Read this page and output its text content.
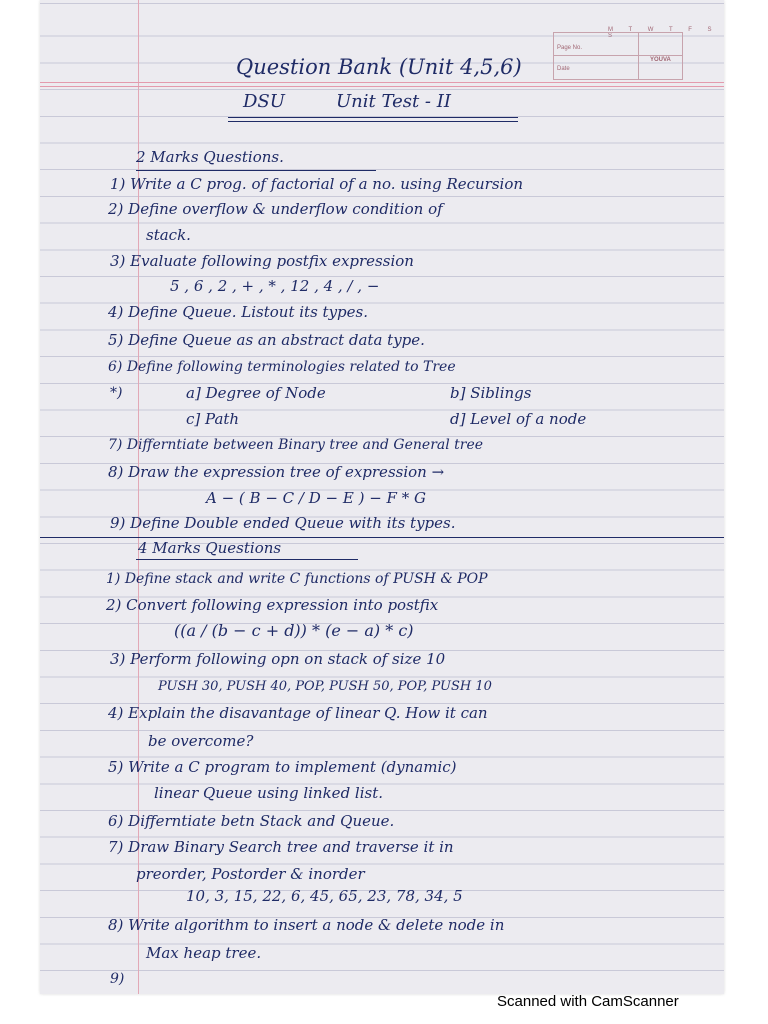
M T W T F S S
Page No.
Date
YOUVA
Question Bank (Unit 4,5,6)
DSU	Unit Test - II
2 Marks Questions.
1) Write a C prog. of factorial of a no. using Recursion
2) Define overflow & underflow condition of
stack.
3) Evaluate following postfix expression
5 , 6 , 2 , + , * , 12 , 4 , / , −
4) Define Queue. Listout its types.
5) Define Queue as an abstract data type.
6) Define following terminologies related to Tree
*)	a] Degree of Node	b] Siblings
c] Path	d] Level of a node
7) Differntiate between Binary tree and General tree
8) Draw the expression tree of expression →
A − ( B − C / D − E ) − F * G
9) Define Double ended Queue with its types.
4 Marks Questions
1) Define stack and write C functions of PUSH & POP
2) Convert following expression into postfix
((a / (b − c + d)) * (e − a) * c)
3) Perform following opn on stack of size 10
PUSH 30, PUSH 40, POP, PUSH 50, POP, PUSH 10
4) Explain the disavantage of linear Q. How it can
be overcome?
5) Write a C program to implement (dynamic)
linear Queue using linked list.
6) Differntiate betn Stack and Queue.
7) Draw Binary Search tree and traverse it in
preorder, Postorder & inorder
10, 3, 15, 22, 6, 45, 65, 23, 78, 34, 5
8) Write algorithm to insert a node & delete node in
Max heap tree.
9)
Scanned with CamScanner
